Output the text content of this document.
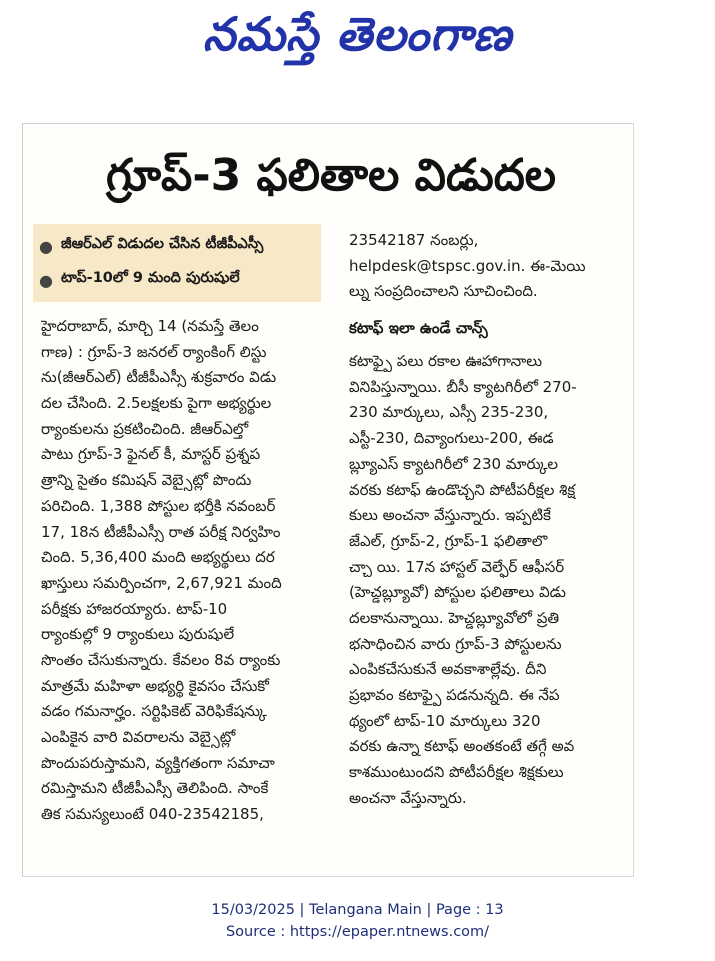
నమస్తే తెలంగాణ
గ్రూప్-3 ఫలితాల విడుదల
● జీఆర్ఎల్ విడుదల చేసిన టీజీపీఎస్సీ
● టాప్-10లో 9 మంది పురుషులే
హైదరాబాద్, మార్చి 14 (నమస్తే తెలం
గాణ) : గ్రూప్-3 జనరల్ ర్యాంకింగ్ లిస్టు
ను(జీఆర్ఎల్) టీజీపీఎస్సీ శుక్రవారం విడు
దల చేసింది. 2.5లక్షలకు పైగా అభ్యర్థుల
ర్యాంకులను ప్రకటించింది. జీఆర్ఎల్తో
పాటు గ్రూప్-3 ఫైనల్ కీ, మాస్టర్ ప్రశ్నప
త్రాన్ని సైతం కమిషన్ వెబ్సైట్లో పొందు
పరిచింది. 1,388 పోస్టుల భర్తీకి నవంబర్
17, 18న టీజీపీఎస్సీ రాత పరీక్ష నిర్వహిం
చింది. 5,36,400 మంది అభ్యర్థులు దర
ఖాస్తులు సమర్పించగా, 2,67,921 మంది
పరీక్షకు హాజరయ్యారు. టాప్-10
ర్యాంకుల్లో 9 ర్యాంకులు పురుషులే
సొంతం చేసుకున్నారు. కేవలం 8వ ర్యాంకు
మాత్రమే మహిళా అభ్యర్థి కైవసం చేసుకో
వడం గమనార్హం. సర్టిఫికెట్ వెరిఫికేషన్కు
ఎంపికైన వారి వివరాలను వెబ్సైట్లో
పొందుపరుస్తామని, వ్యక్తిగతంగా సమాచా
రమిస్తామని టీజీపీఎస్సీ తెలిపింది. సాంకే
తిక సమస్యలుంటే 040-23542185,
23542187 నంబర్లు,
helpdesk@tspsc.gov.in. ఈ-మెయి
ల్ను సంప్రదించాలని సూచించింది.
కటాఫ్ ఇలా ఉండే చాన్స్
కటాఫ్పై పలు రకాల ఊహాగానాలు
వినిపిస్తున్నాయి. బీసీ క్యాటగిరీలో 270-
230 మార్కులు, ఎస్సీ 235-230,
ఎస్టీ-230, దివ్యాంగులు-200, ఈడ
బ్ల్యూఎస్ క్యాటగిరీలో 230 మార్కుల
వరకు కటాఫ్ ఉండొచ్చని పోటీపరీక్షల శిక్ష
కులు అంచనా వేస్తున్నారు. ఇప్పటికే
జేఎల్, గ్రూప్-2, గ్రూప్-1 ఫలితాలొ
చ్చా యి. 17న హాస్టల్ వెల్ఫేర్ ఆఫీసర్
(హెచ్డబ్ల్యూవో) పోస్టుల ఫలితాలు విడు
దలకానున్నాయి. హెచ్డబ్ల్యూవోలో ప్రతి
భసాధించిన వారు గ్రూప్-3 పోస్టులను
ఎంపికచేసుకునే అవకాశాల్లేవు. దీని
ప్రభావం కటాఫ్పై పడనున్నది. ఈ నేప
థ్యంలో టాప్-10 మార్కులు 320
వరకు ఉన్నా కటాఫ్ అంతకంటే తగ్గే అవ
కాశముంటుందని పోటీపరీక్షల శిక్షకులు
అంచనా వేస్తున్నారు.
15/03/2025 | Telangana Main | Page : 13
Source : https://epaper.ntnews.com/
